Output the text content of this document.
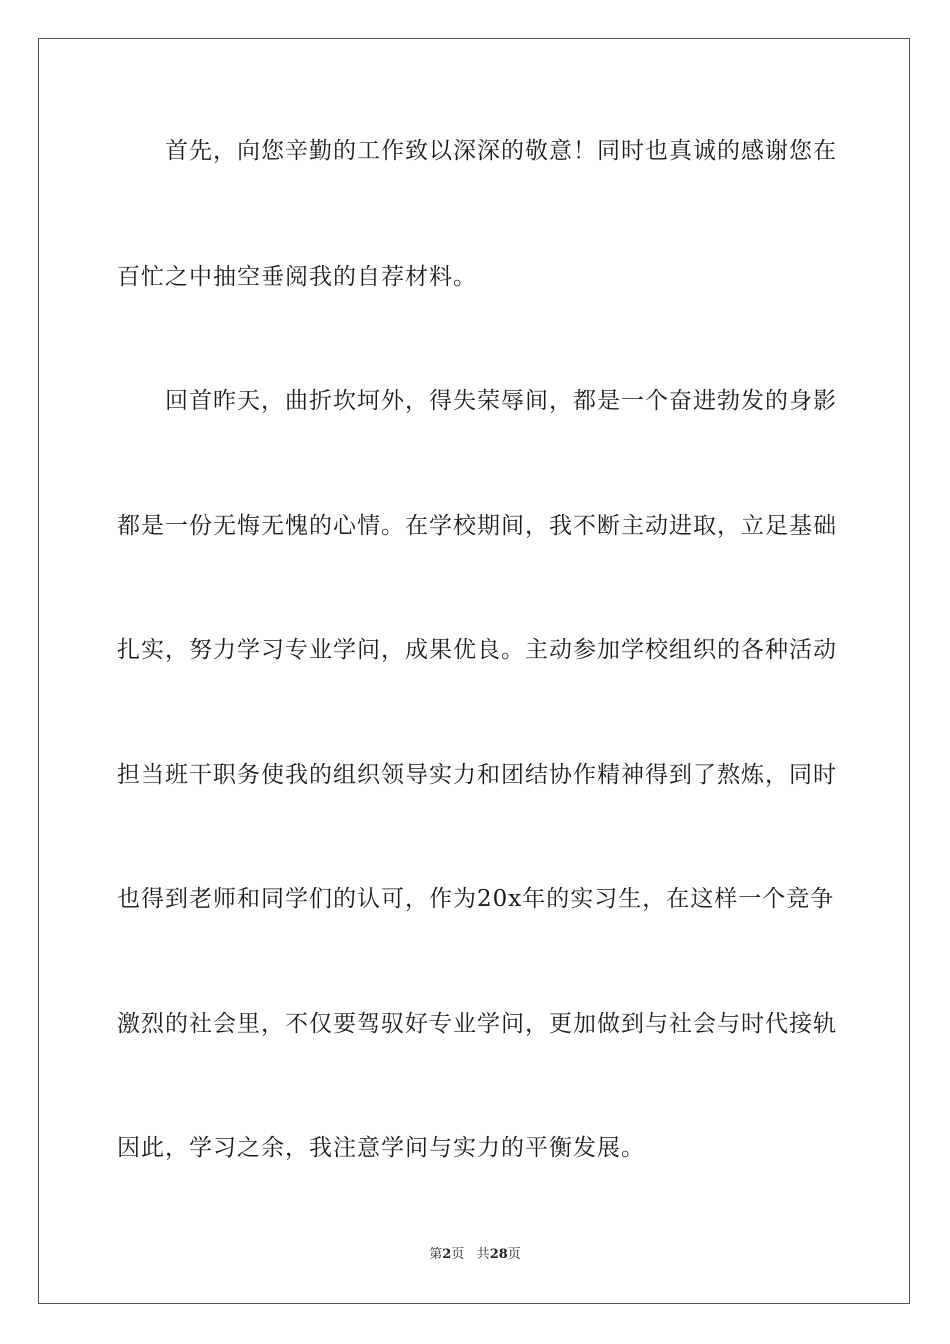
首先，向您辛勤的工作致以深深的敬意！同时也真诚的感谢您在
百忙之中抽空垂阅我的自荐材料。
回首昨天，曲折坎坷外，得失荣辱间，都是一个奋进勃发的身影
都是一份无悔无愧的心情。在学校期间，我不断主动进取，立足基础
扎实，努力学习专业学问，成果优良。主动参加学校组织的各种活动
担当班干职务使我的组织领导实力和团结协作精神得到了熬炼，同时
也得到老师和同学们的认可，作为20x年的实习生，在这样一个竞争
激烈的社会里，不仅要驾驭好专业学问，更加做到与社会与时代接轨
因此，学习之余，我注意学问与实力的平衡发展。
第2页 共28页
